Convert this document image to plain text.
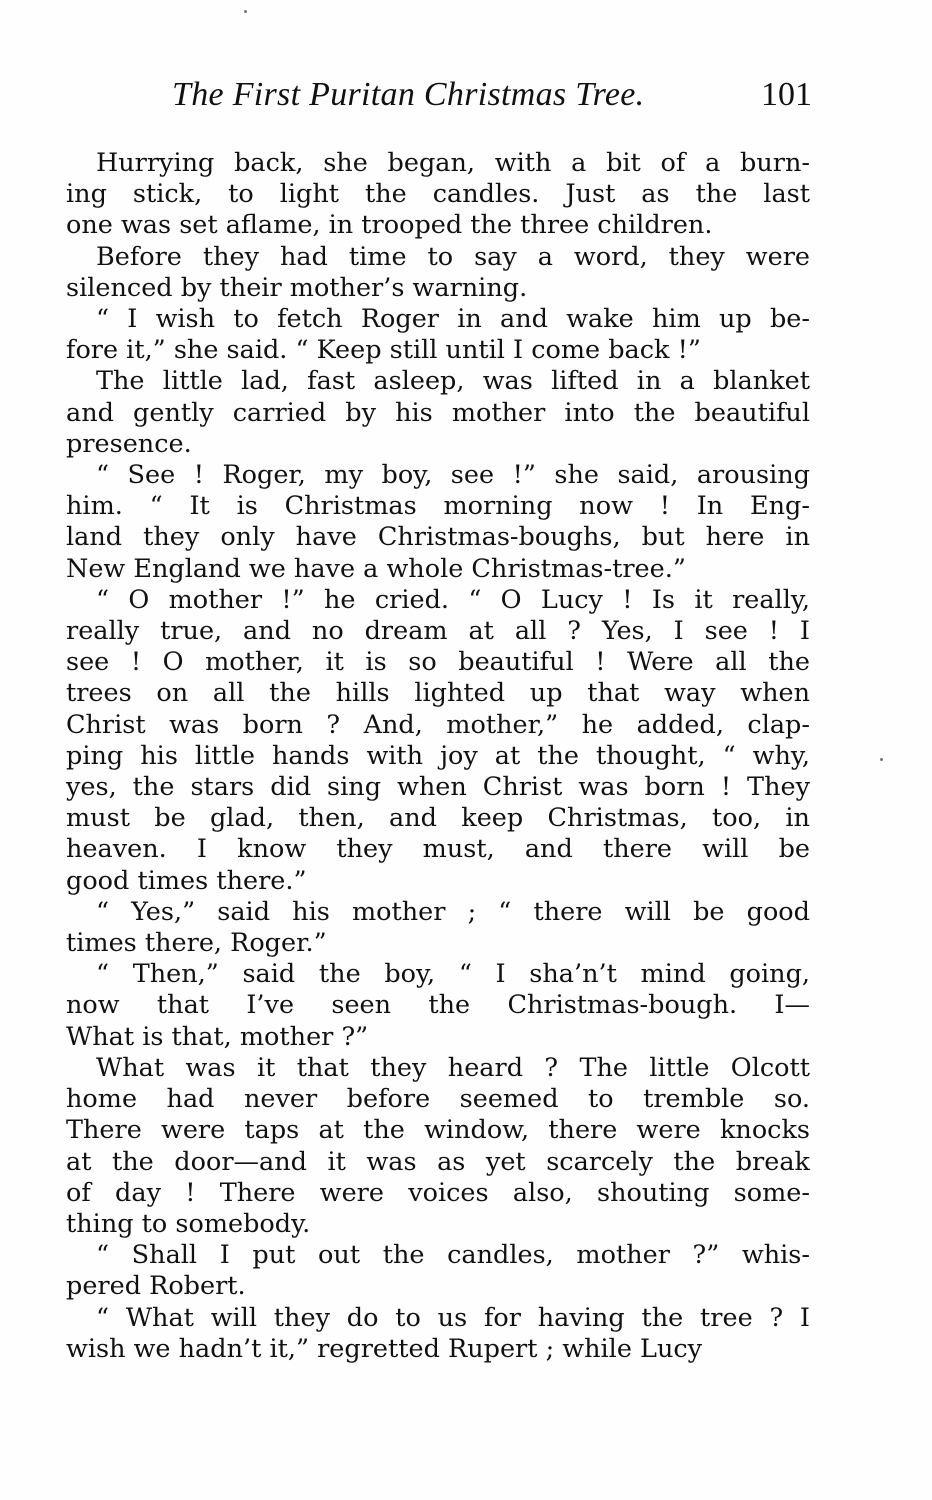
The First Puritan Christmas Tree.	101
Hurrying back, she began, with a bit of a burn-
ing stick, to light the candles. Just as the last
one was set aflame, in trooped the three children.
Before they had time to say a word, they were
silenced by their mother’s warning.
“ I wish to fetch Roger in and wake him up be-
fore it,” she said. “ Keep still until I come back !”
The little lad, fast asleep, was lifted in a blanket
and gently carried by his mother into the beautiful
presence.
“ See ! Roger, my boy, see !” she said, arousing
him. “ It is Christmas morning now ! In Eng-
land they only have Christmas-boughs, but here in
New England we have a whole Christmas-tree.”
“ O mother !” he cried. “ O Lucy ! Is it really,
really true, and no dream at all ? Yes, I see ! I
see ! O mother, it is so beautiful ! Were all the
trees on all the hills lighted up that way when
Christ was born ? And, mother,” he added, clap-
ping his little hands with joy at the thought, “ why,
yes, the stars did sing when Christ was born ! They
must be glad, then, and keep Christmas, too, in
heaven. I know they must, and there will be
good times there.”
“ Yes,” said his mother ; “ there will be good
times there, Roger.”
“ Then,” said the boy, “ I sha’n’t mind going,
now that I’ve seen the Christmas-bough. I—
What is that, mother ?”
What was it that they heard ? The little Olcott
home had never before seemed to tremble so.
There were taps at the window, there were knocks
at the door—and it was as yet scarcely the break
of day ! There were voices also, shouting some-
thing to somebody.
“ Shall I put out the candles, mother ?” whis-
pered Robert.
“ What will they do to us for having the tree ? I
wish we hadn’t it,” regretted Rupert ; while Lucy
